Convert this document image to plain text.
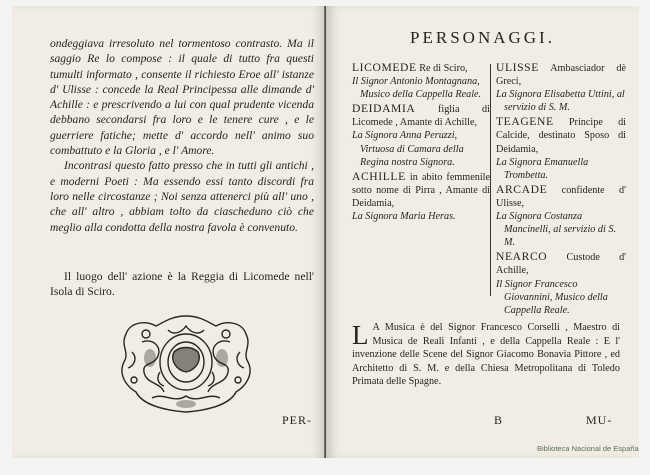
ondeggiava irresoluto nel tormentoso contrasto. Ma il saggio Re lo compose : il quale di tutto fra questi tumulti informato , consente il richiesto Eroe all' istanze d' Ulisse : concede la Real Principessa alle dimande d' Achille : e prescrivendo a lui con qual prudente vicenda debbano secondarsi fra loro e le tenere cure , e le guerriere fatiche; mette d' accordo nell' animo suo combattuto e la Gloria , e l' Amore.

Incontrasi questo fatto presso che in tutti gli antichi , e moderni Poeti : Ma essendo essi tanto discordi fra loro nelle circostanze ; Noi senza attenerci più all' uno , che all' altro , abbiam tolto da ciascheduno ciò che meglio alla condotta della nostra favola è convenuto.

Il luogo dell' azione è la Reggia di Licomede nell' Isola di Sciro.
PER-
PERSONAGGI.
LICOMEDE Re di Sciro,
Il Signor Antonio Montagnana, Musico della Cappella Reale.
DEIDAMIA figlia di Licomede , Amante di Achille,
La Signora Anna Peruzzi, Virtuosa di Camara della Regina nostra Signora.
ACHILLE in abito femmenile sotto nome di Pirra , Amante di Deidamia,
La Signora Maria Heras.
ULISSE Ambasciador dè Greci,
La Signora Elisabetta Uttini, al servizio di S. M.
TEAGENE Principe di Calcide, destinato Sposo di Deidamia,
La Signora Emanuella Trombetta.
ARCADE confidente d' Ulisse,
La Signora Costanza Mancinelli, al servizio di S. M.
NEARCO Custode d' Achille,
Il Signor Francesco Giovannini, Musico della Cappella Reale.
L A Musica è del Signor Francesco Corselli , Maestro di Musica de Reali Infanti , e della Cappella Reale : E l' invenzione delle Scene del Signor Giacomo Bonavia Pittore , ed Architetto di S. M. e della Chiesa Metropolitana di Toledo Primata delle Spagne.
B	MU-
Biblioteca Nacional de España
